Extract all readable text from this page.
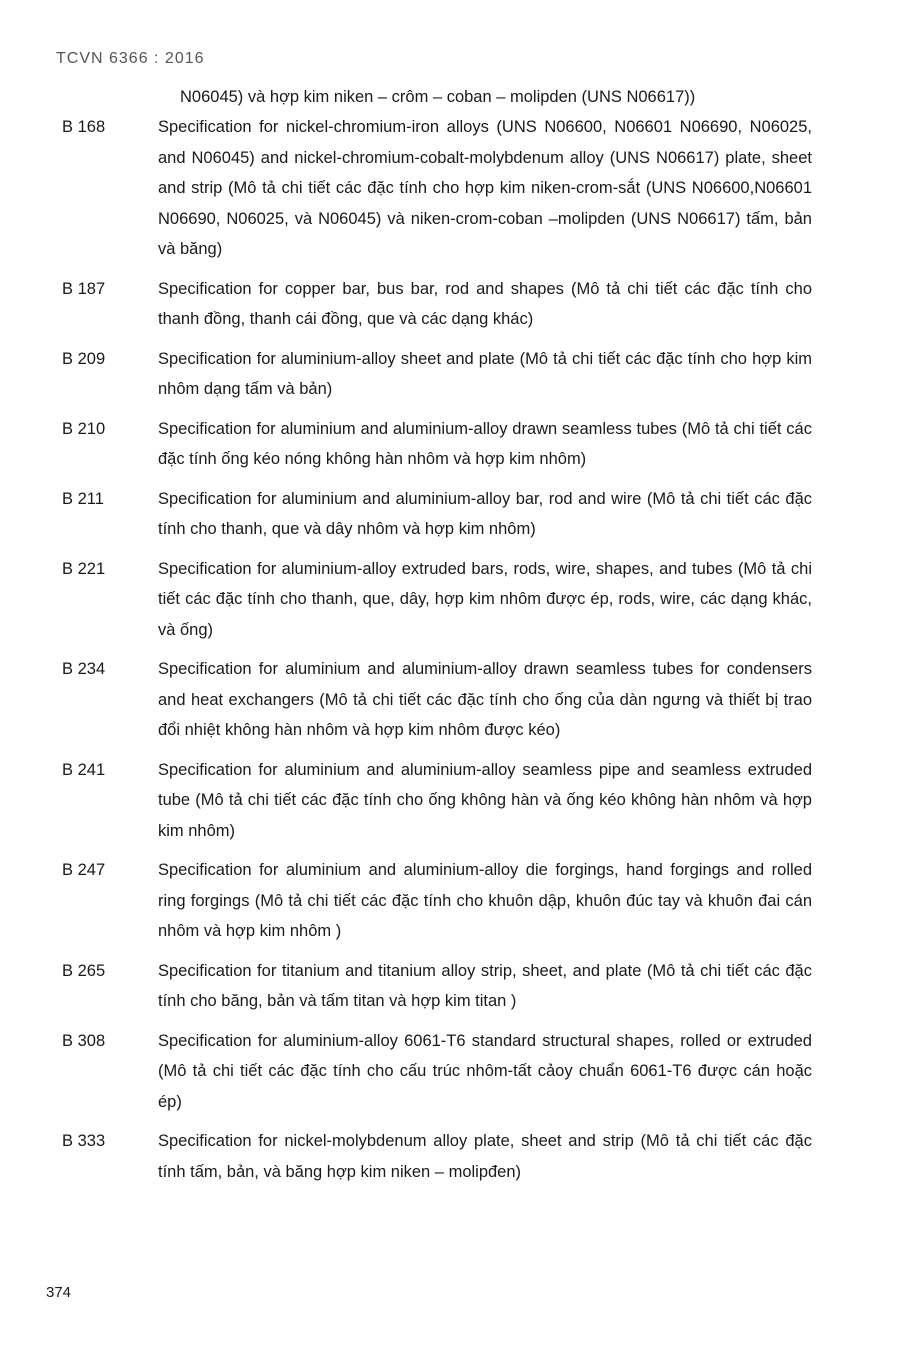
TCVN 6366 : 2016
N06045) và hợp kim niken – crôm – coban – molipden (UNS N06617))
B 168	Specification for nickel-chromium-iron alloys (UNS N06600, N06601 N06690, N06025, and N06045) and nickel-chromium-cobalt-molybdenum alloy (UNS N06617) plate, sheet and strip (Mô tả chi tiết các đặc tính cho hợp kim niken-crom-sắt (UNS N06600,N06601 N06690, N06025, và N06045) và niken-crom-coban –molipden (UNS N06617) tấm, bản và băng)
B 187	Specification for copper bar, bus bar, rod and shapes (Mô tả chi tiết các đặc tính cho thanh đồng, thanh cái đồng, que và các dạng khác)
B 209	Specification for aluminium-alloy sheet and plate (Mô tả chi tiết các đặc tính cho hợp kim nhôm dạng tấm và bản)
B 210	Specification for aluminium and aluminium-alloy drawn seamless tubes (Mô tả chi tiết các đặc tính ống kéo nóng không hàn nhôm và hợp kim nhôm)
B 211	Specification for aluminium and aluminium-alloy bar, rod and wire (Mô tả chi tiết các đặc tính cho thanh, que và dây nhôm và hợp kim nhôm)
B 221	Specification for aluminium-alloy extruded bars, rods, wire, shapes, and tubes (Mô tả chi tiết các đặc tính cho thanh, que, dây, hợp kim nhôm được ép, rods, wire, các dạng khác, và ống)
B 234	Specification for aluminium and aluminium-alloy drawn seamless tubes for condensers and heat exchangers (Mô tả chi tiết các đặc tính cho ống của dàn ngưng và thiết bị trao đổi nhiệt không hàn nhôm và hợp kim nhôm được kéo)
B 241	Specification for aluminium and aluminium-alloy seamless pipe and seamless extruded tube (Mô tả chi tiết các đặc tính cho ống không hàn và ống kéo không hàn nhôm và hợp kim nhôm)
B 247	Specification for aluminium and aluminium-alloy die forgings, hand forgings and rolled ring forgings (Mô tả chi tiết các đặc tính cho khuôn dập, khuôn đúc tay và khuôn đai cán nhôm và hợp kim nhôm )
B 265	Specification for titanium and titanium alloy strip, sheet, and plate (Mô tả chi tiết các đặc tính cho băng, bản và tấm titan và hợp kim titan )
B 308	Specification for aluminium-alloy 6061-T6 standard structural shapes, rolled or extruded (Mô tả chi tiết các đặc tính cho cấu trúc nhôm-tất cảoy chuẩn 6061-T6 được cán hoặc ép)
B 333	Specification for nickel-molybdenum alloy plate, sheet and strip (Mô tả chi tiết các đặc tính tấm, bản, và băng hợp kim niken – molipđen)
374
